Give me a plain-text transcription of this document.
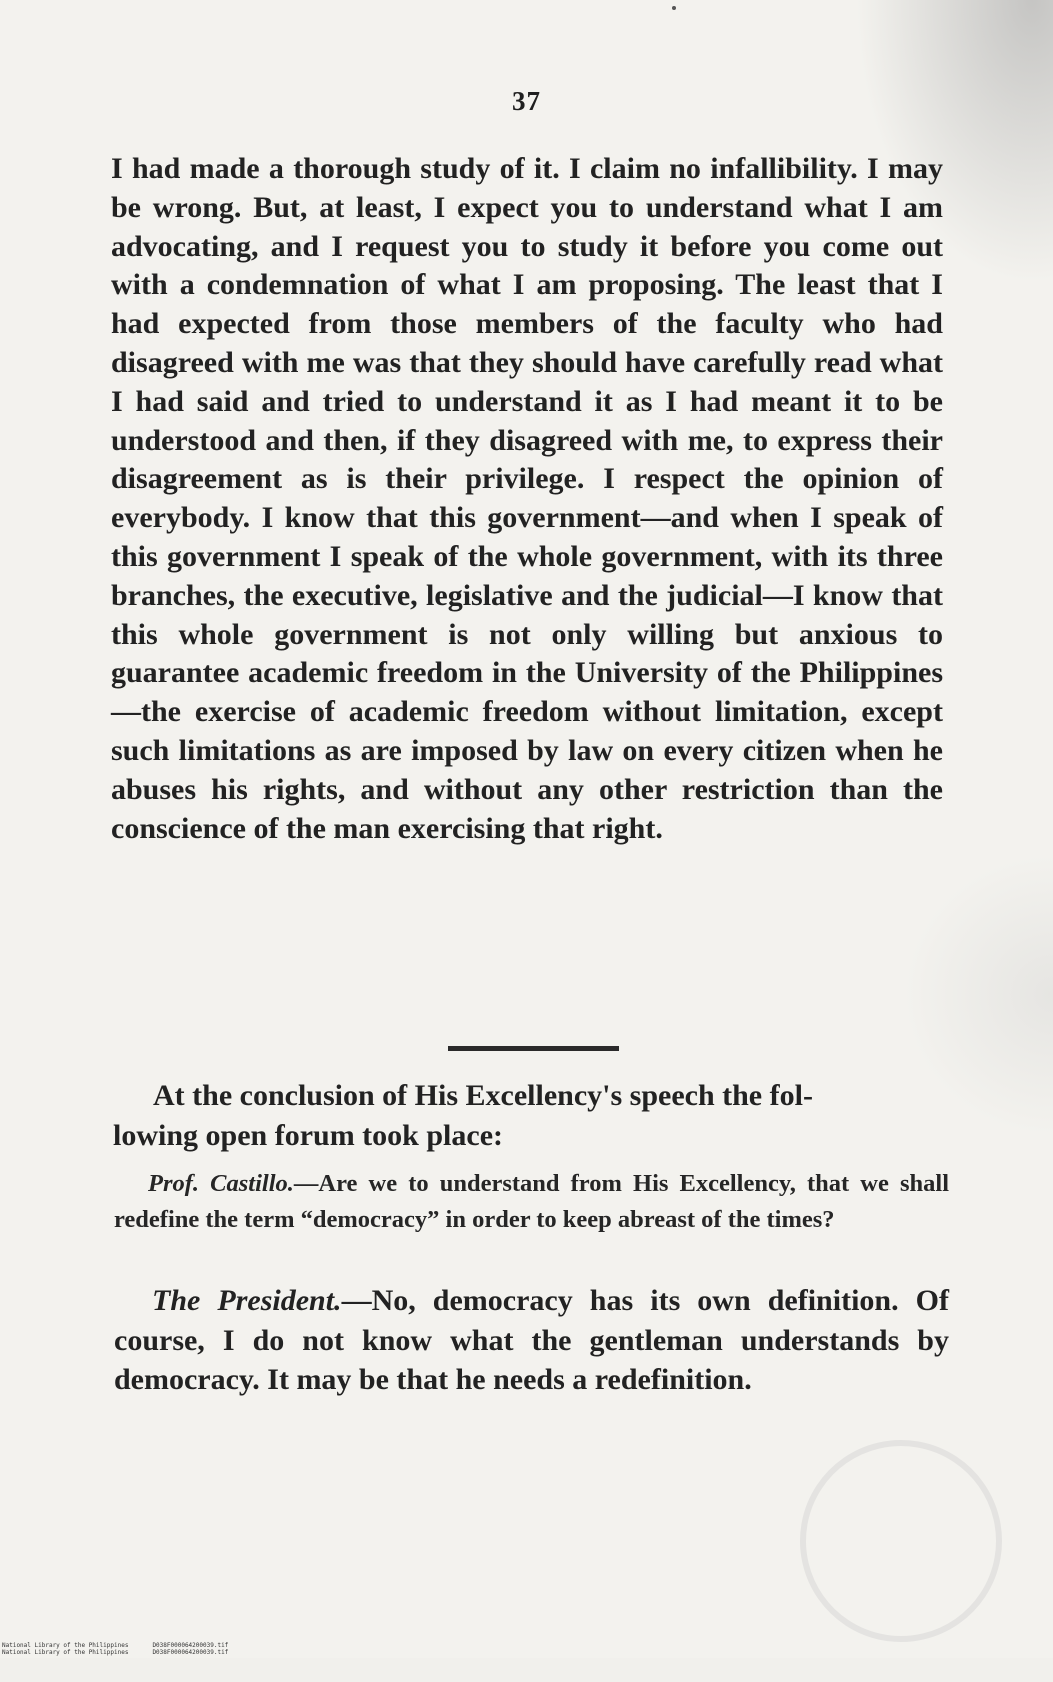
37

I had made a thorough study of it. I claim no infallibility. I may be wrong. But, at least, I expect you to understand what I am advocating, and I request you to study it before you come out with a condemnation of what I am proposing. The least that I had expected from those members of the faculty who had disagreed with me was that they should have carefully read what I had said and tried to understand it as I had meant it to be understood and then, if they disagreed with me, to express their disagreement as is their privilege. I respect the opinion of everybody. I know that this government—and when I speak of this government I speak of the whole government, with its three branches, the executive, legislative and the judicial—I know that this whole government is not only willing but anxious to guarantee academic freedom in the University of the Philippines—the exercise of academic freedom without limitation, except such limitations as are imposed by law on every citizen when he abuses his rights, and without any other restriction than the conscience of the man exercising that right.

At the conclusion of His Excellency's speech the fol-
lowing open forum took place:

Prof. Castillo.—Are we to understand from His Excellency, that we shall redefine the term “democracy” in order to keep abreast of the times?

The President.—No, democracy has its own definition. Of course, I do not know what the gentleman understands by democracy. It may be that he needs a redefinition.

National Library of the Philippines	D038F000064200039.tif
National Library of the Philippines	D038F000064200039.tif
